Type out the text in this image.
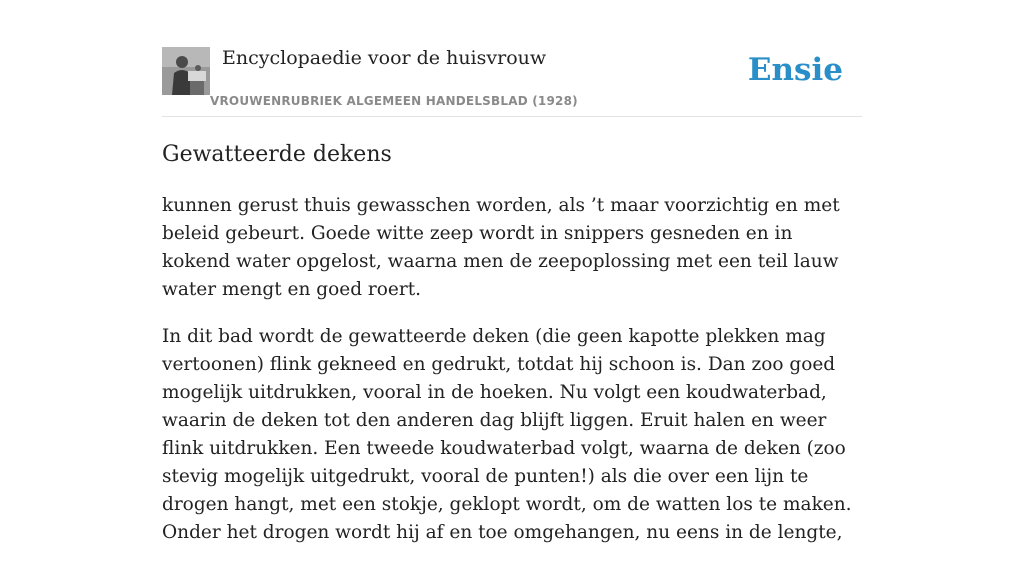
Encyclopaedie voor de huisvrouw
VROUWENRUBRIEK ALGEMEEN HANDELSBLAD (1928)
Ensie
Gewatteerde dekens

kunnen gerust thuis gewasschen worden, als ’t maar voorzichtig en met beleid gebeurt. Goede witte zeep wordt in snippers gesneden en in kokend water opgelost, waarna men de zeepoplossing met een teil lauw water mengt en goed roert.

In dit bad wordt de gewatteerde deken (die geen kapotte plekken mag vertoonen) flink gekneed en gedrukt, totdat hij schoon is. Dan zoo goed mogelijk uitdrukken, vooral in de hoeken. Nu volgt een koudwaterbad, waarin de deken tot den anderen dag blijft liggen. Eruit halen en weer flink uitdrukken. Een tweede koudwaterbad volgt, waarna de deken (zoo stevig mogelijk uitgedrukt, vooral de punten!) als die over een lijn te drogen hangt, met een stokje, geklopt wordt, om de watten los te maken. Onder het drogen wordt hij af en toe omgehangen, nu eens in de lengte,
